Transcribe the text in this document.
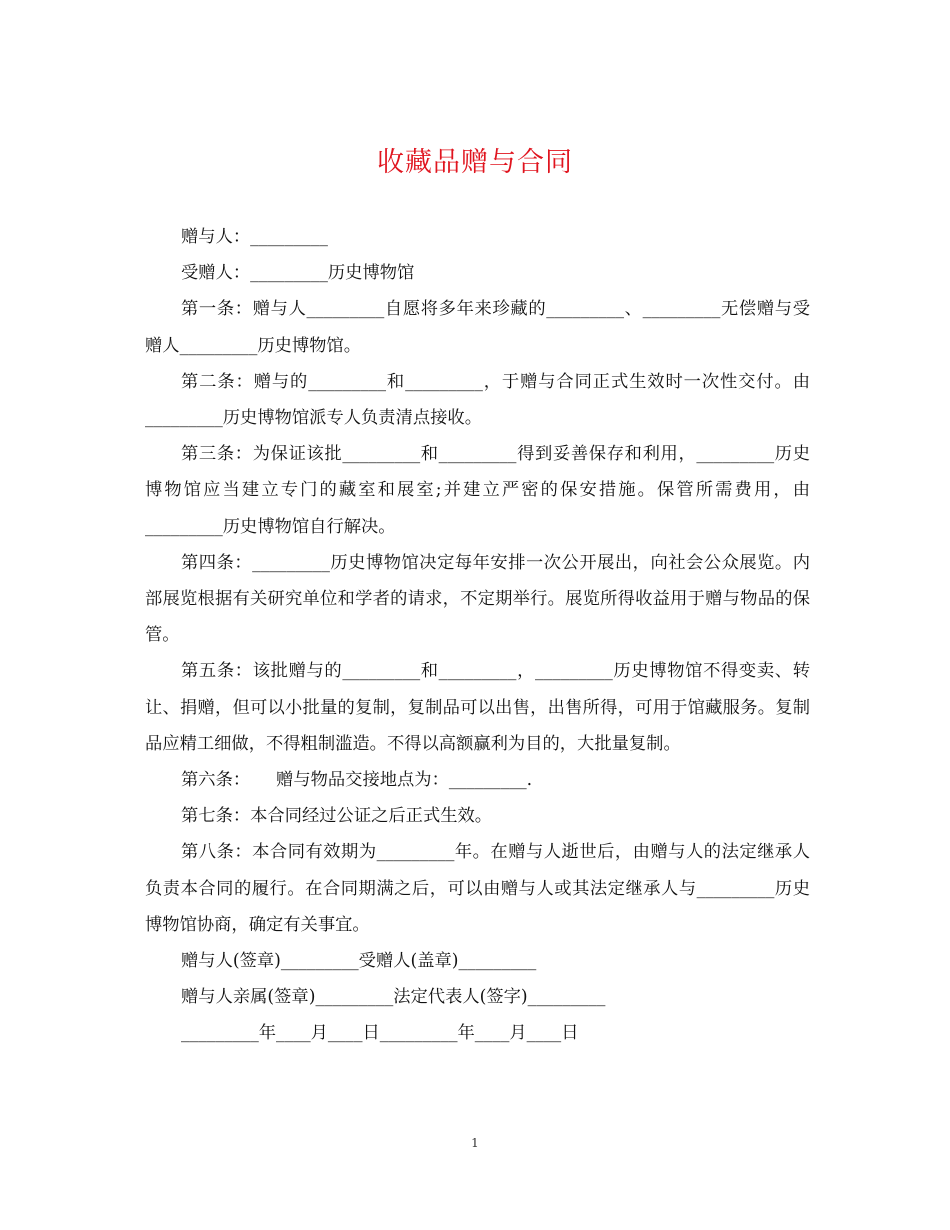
收藏品赠与合同

赠与人：_________

受赠人：_________历史博物馆

第一条：赠与人_________自愿将多年来珍藏的_________、_________无偿赠与受赠人_________历史博物馆。

第二条：赠与的_________和_________，于赠与合同正式生效时一次性交付。由_________历史博物馆派专人负责清点接收。

第三条：为保证该批_________和_________得到妥善保存和利用，_________历史博物馆应当建立专门的藏室和展室;并建立严密的保安措施。保管所需费用，由_________历史博物馆自行解决。

第四条：_________历史博物馆决定每年安排一次公开展出，向社会公众展览。内部展览根据有关研究单位和学者的请求，不定期举行。展览所得收益用于赠与物品的保管。

第五条：该批赠与的_________和_________，_________历史博物馆不得变卖、转让、捐赠，但可以小批量的复制，复制品可以出售，出售所得，可用于馆藏服务。复制品应精工细做，不得粗制滥造。不得以高额赢利为目的，大批量复制。

第六条：　　赠与物品交接地点为：_________.

第七条：本合同经过公证之后正式生效。

第八条：本合同有效期为_________年。在赠与人逝世后，由赠与人的法定继承人负责本合同的履行。在合同期满之后，可以由赠与人或其法定继承人与_________历史博物馆协商，确定有关事宜。

赠与人(签章)_________受赠人(盖章)_________

赠与人亲属(签章)_________法定代表人(签字)_________

_________年____月____日_________年____月____日

1
